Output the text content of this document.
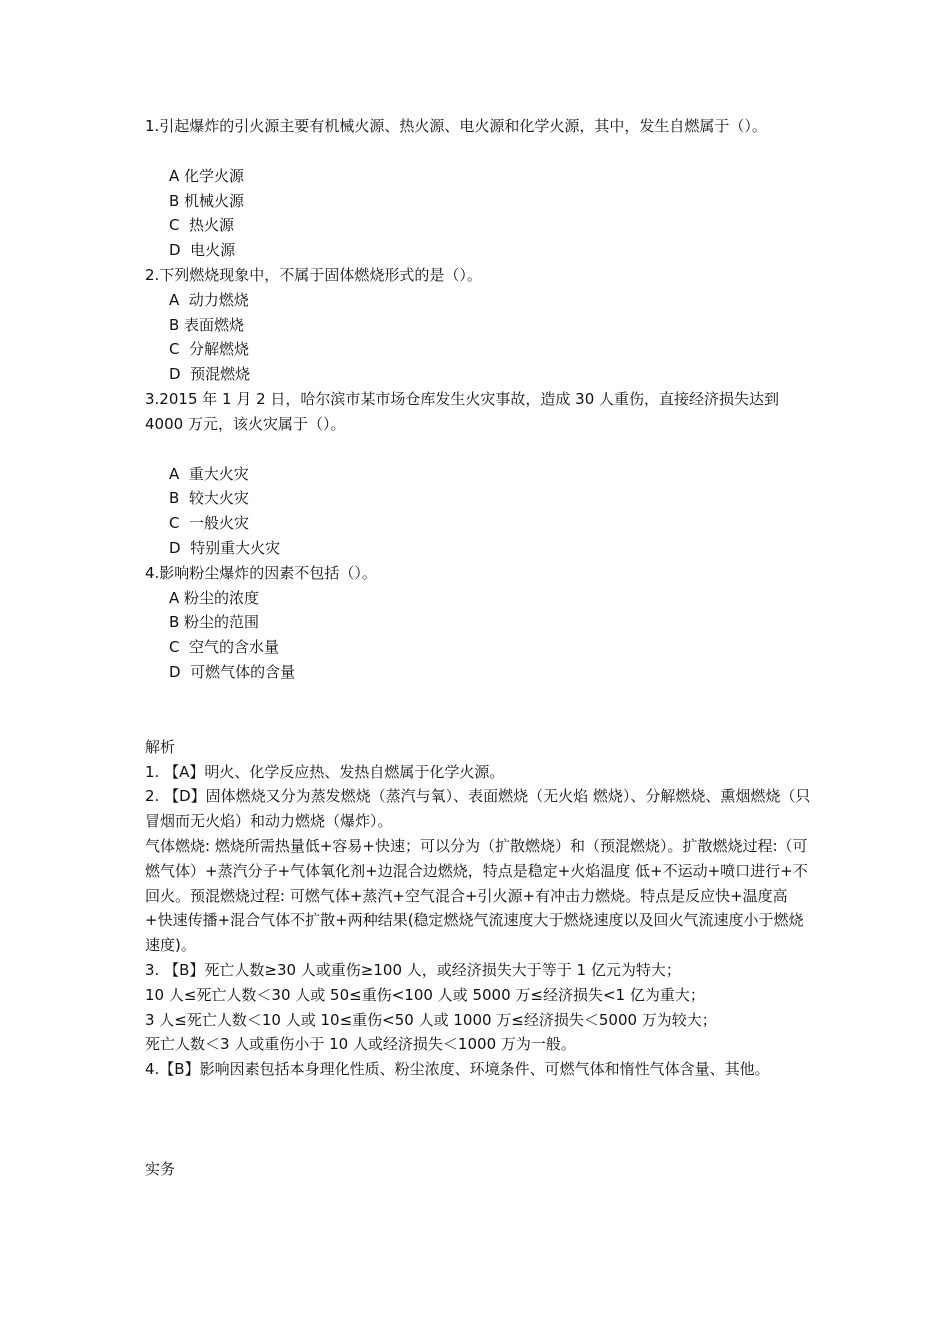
1.引起爆炸的引火源主要有机械火源、热火源、电火源和化学火源，其中，发生自燃属于（）。

A 化学火源

B 机械火源

C  热火源

D  电火源

2.下列燃烧现象中，不属于固体燃烧形式的是（）。

A  动力燃烧

B 表面燃烧

C  分解燃烧

D  预混燃烧

3.2015 年 1 月 2 日，哈尔滨市某市场仓库发生火灾事故，造成 30 人重伤，直接经济损失达到 4000 万元，该火灾属于（）。

A  重大火灾

B  较大火灾

C  一般火灾

D  特别重大火灾

4.影响粉尘爆炸的因素不包括（）。

A 粉尘的浓度

B 粉尘的范围

C  空气的含水量

D  可燃气体的含量

解析

1. 【A】明火、化学反应热、发热自燃属于化学火源。

2. 【D】固体燃烧又分为蒸发燃烧（蒸汽与氧）、表面燃烧（无火焰 燃烧）、分解燃烧、熏烟燃烧（只冒烟而无火焰）和动力燃烧（爆炸）。

气体燃烧: 燃烧所需热量低+容易+快速；可以分为（扩散燃烧）和（预混燃烧）。扩散燃烧过程:（可燃气体）+蒸汽分子+气体氧化剂+边混合边燃烧，特点是稳定+火焰温度 低+不运动+喷口进行+不回火。预混燃烧过程: 可燃气体+蒸汽+空气混合+引火源+有冲击力燃烧。特点是反应快+温度高+快速传播+混合气体不扩散+两种结果(稳定燃烧气流速度大于燃烧速度以及回火气流速度小于燃烧速度)。

3. 【B】死亡人数≥30 人或重伤≥100 人，或经济损失大于等于 1 亿元为特大；

10 人≤死亡人数＜30 人或 50≤重伤<100 人或 5000 万≤经济损失<1 亿为重大；

3 人≤死亡人数＜10 人或 10≤重伤<50 人或 1000 万≤经济损失＜5000 万为较大；

死亡人数＜3 人或重伤小于 10 人或经济损失＜1000 万为一般。

4.【B】影响因素包括本身理化性质、粉尘浓度、环境条件、可燃气体和惰性气体含量、其他。

实务
